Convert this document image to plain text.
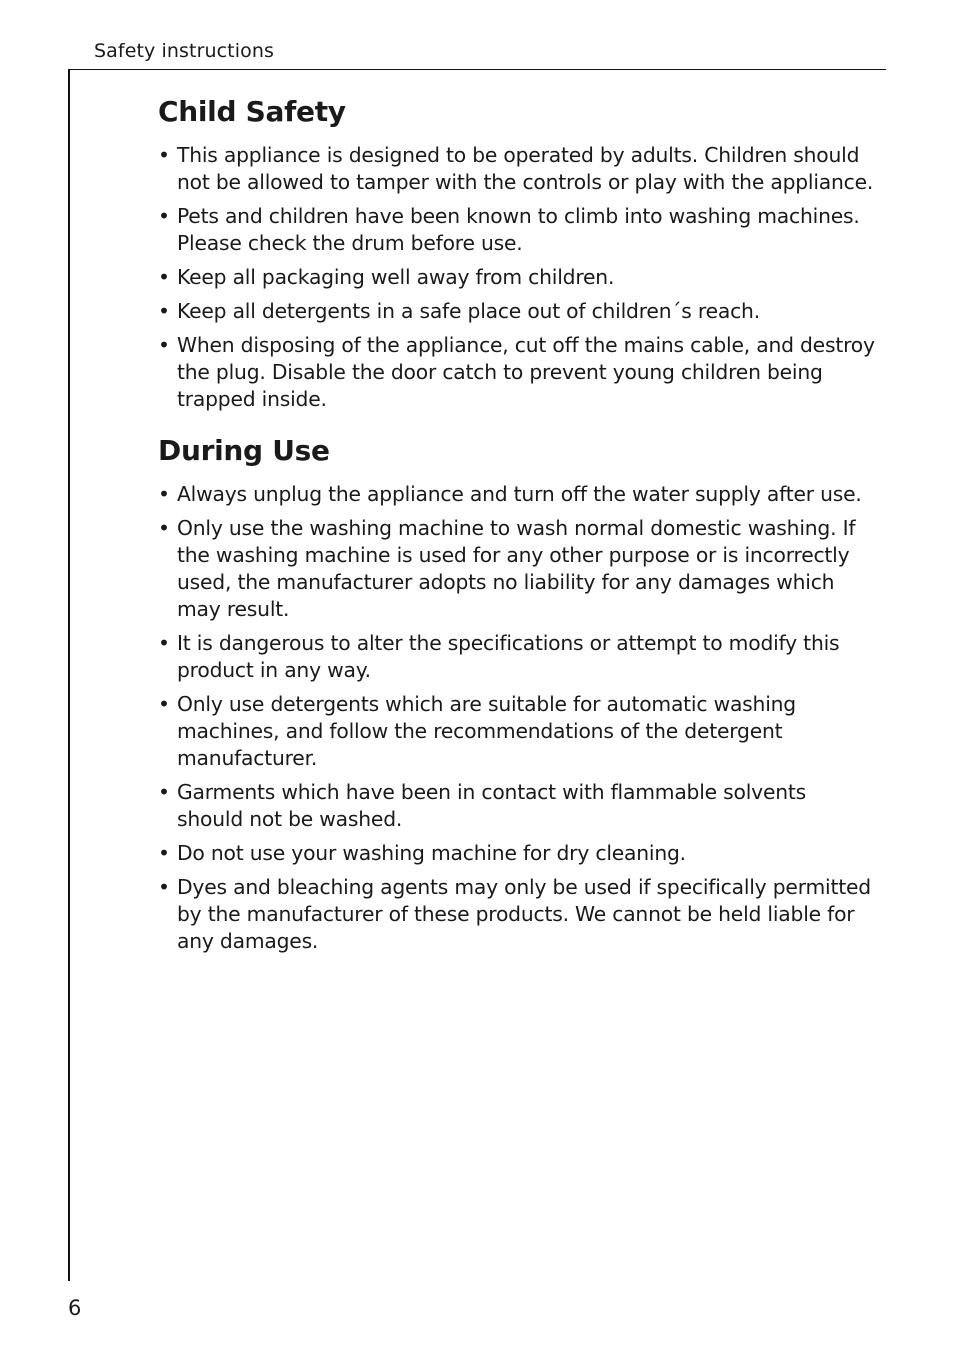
Safety instructions
Child Safety
• This appliance is designed to be operated by adults. Children should not be allowed to tamper with the controls or play with the appliance.
• Pets and children have been known to climb into washing machines. Please check the drum before use.
• Keep all packaging well away from children.
• Keep all detergents in a safe place out of children´s reach.
• When disposing of the appliance, cut off the mains cable, and destroy the plug. Disable the door catch to prevent young children being trapped inside.
During Use
• Always unplug the appliance and turn off the water supply after use.
• Only use the washing machine to wash normal domestic washing. If the washing machine is used for any other purpose or is incorrectly used, the manufacturer adopts no liability for any damages which may result.
• It is dangerous to alter the specifications or attempt to modify this product in any way.
• Only use detergents which are suitable for automatic washing machines, and follow the recommendations of the detergent manufacturer.
• Garments which have been in contact with flammable solvents should not be washed.
• Do not use your washing machine for dry cleaning.
• Dyes and bleaching agents may only be used if specifically permitted by the manufacturer of these products. We cannot be held liable for any damages.
6
